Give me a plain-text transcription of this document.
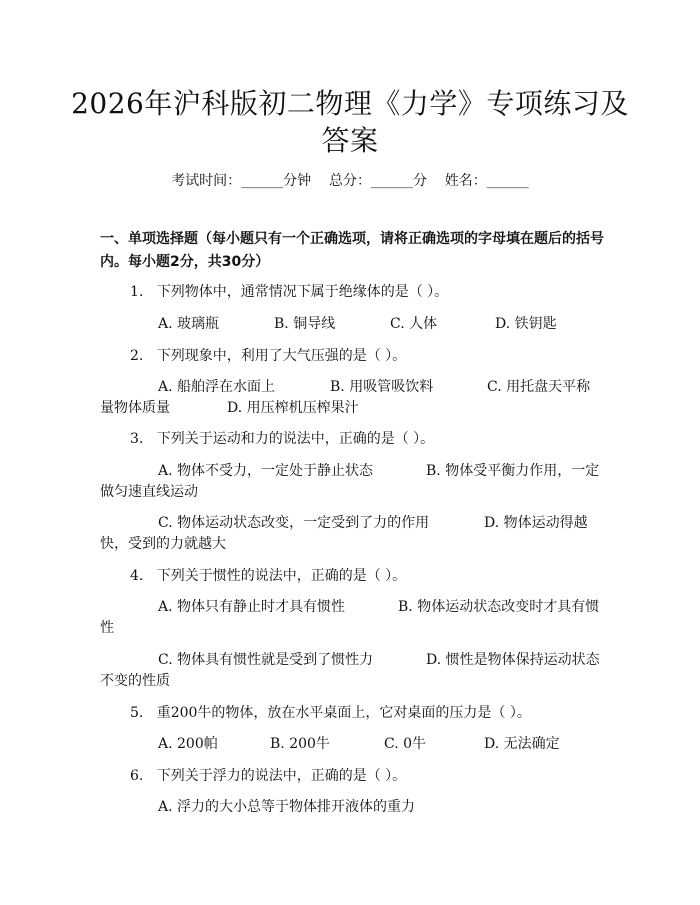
2026年沪科版初二物理《力学》专项练习及
答案
考试时间：______分钟    总分：______分    姓名：______
一、单项选择题（每小题只有一个正确选项，请将正确选项的字母填在题后的括号内。每小题2分，共30分）
1.   下列物体中，通常情况下属于绝缘体的是（ ）。
A. 玻璃瓶	B. 铜导线	C. 人体	D. 铁钥匙
2.   下列现象中，利用了大气压强的是（ ）。
A. 船舶浮在水面上	B. 用吸管吸饮料	C. 用托盘天平称
量物体质量	D. 用压榨机压榨果汁
3.   下列关于运动和力的说法中，正确的是（ ）。
A. 物体不受力，一定处于静止状态	B. 物体受平衡力作用，一定
做匀速直线运动
C. 物体运动状态改变，一定受到了力的作用	D. 物体运动得越
快，受到的力就越大
4.   下列关于惯性的说法中，正确的是（ ）。
A. 物体只有静止时才具有惯性	B. 物体运动状态改变时才具有惯
性
C. 物体具有惯性就是受到了惯性力	D. 惯性是物体保持运动状态
不变的性质
5.   重200牛的物体，放在水平桌面上，它对桌面的压力是（ ）。
A. 200帕	B. 200牛	C. 0牛	D. 无法确定
6.   下列关于浮力的说法中，正确的是（ ）。
A. 浮力的大小总等于物体排开液体的重力
